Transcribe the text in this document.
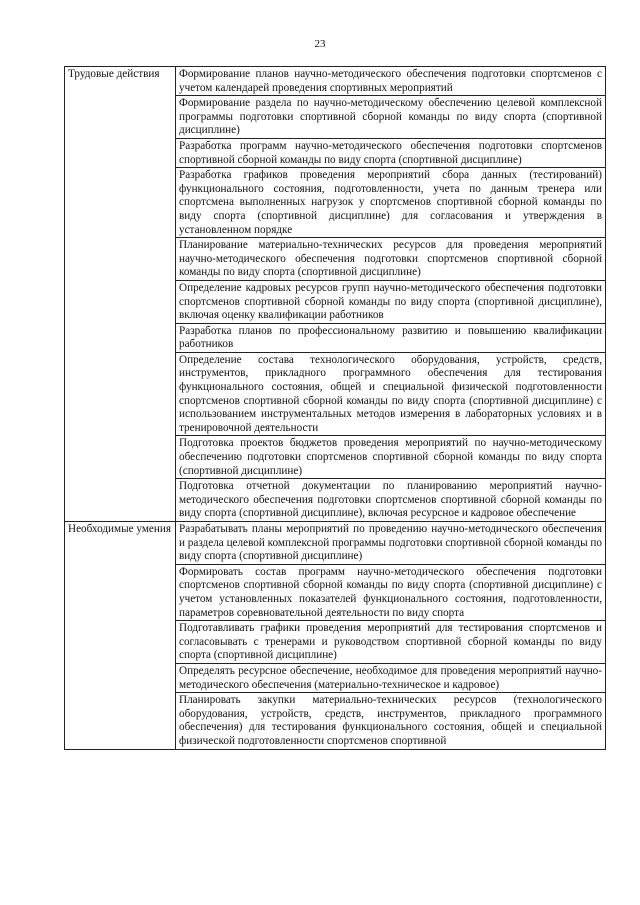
23
Трудовые действия	Формирование планов научно-методического обеспечения подготовки спортсменов с учетом календарей проведения спортивных мероприятий
	Формирование раздела по научно-методическому обеспечению целевой комплексной программы подготовки спортивной сборной команды по виду спорта (спортивной дисциплине)
	Разработка программ научно-методического обеспечения подготовки спортсменов спортивной сборной команды по виду спорта (спортивной дисциплине)
	Разработка графиков проведения мероприятий сбора данных (тестирований) функционального состояния, подготовленности, учета по данным тренера или спортсмена выполненных нагрузок у спортсменов спортивной сборной команды по виду спорта (спортивной дисциплине) для согласования и утверждения в установленном порядке
	Планирование материально-технических ресурсов для проведения мероприятий научно-методического обеспечения подготовки спортсменов спортивной сборной команды по виду спорта (спортивной дисциплине)
	Определение кадровых ресурсов групп научно-методического обеспечения подготовки спортсменов спортивной сборной команды по виду спорта (спортивной дисциплине), включая оценку квалификации работников
	Разработка планов по профессиональному развитию и повышению квалификации работников
	Определение состава технологического оборудования, устройств, средств, инструментов, прикладного программного обеспечения для тестирования функционального состояния, общей и специальной физической подготовленности спортсменов спортивной сборной команды по виду спорта (спортивной дисциплине) с использованием инструментальных методов измерения в лабораторных условиях и в тренировочной деятельности
	Подготовка проектов бюджетов проведения мероприятий по научно-методическому обеспечению подготовки спортсменов спортивной сборной команды по виду спорта (спортивной дисциплине)
	Подготовка отчетной документации по планированию мероприятий научно-методического обеспечения подготовки спортсменов спортивной сборной команды по виду спорта (спортивной дисциплине), включая ресурсное и кадровое обеспечение
Необходимые умения	Разрабатывать планы мероприятий по проведению научно-методического обеспечения и раздела целевой комплексной программы подготовки спортивной сборной команды по виду спорта (спортивной дисциплине)
	Формировать состав программ научно-методического обеспечения подготовки спортсменов спортивной сборной команды по виду спорта (спортивной дисциплине) с учетом установленных показателей функционального состояния, подготовленности, параметров соревновательной деятельности по виду спорта
	Подготавливать графики проведения мероприятий для тестирования спортсменов и согласовывать с тренерами и руководством спортивной сборной команды по виду спорта (спортивной дисциплине)
	Определять ресурсное обеспечение, необходимое для проведения мероприятий научно-методического обеспечения (материально-техническое и кадровое)
	Планировать закупки материально-технических ресурсов (технологического оборудования, устройств, средств, инструментов, прикладного программного обеспечения) для тестирования функционального состояния, общей и специальной физической подготовленности спортсменов спортивной
